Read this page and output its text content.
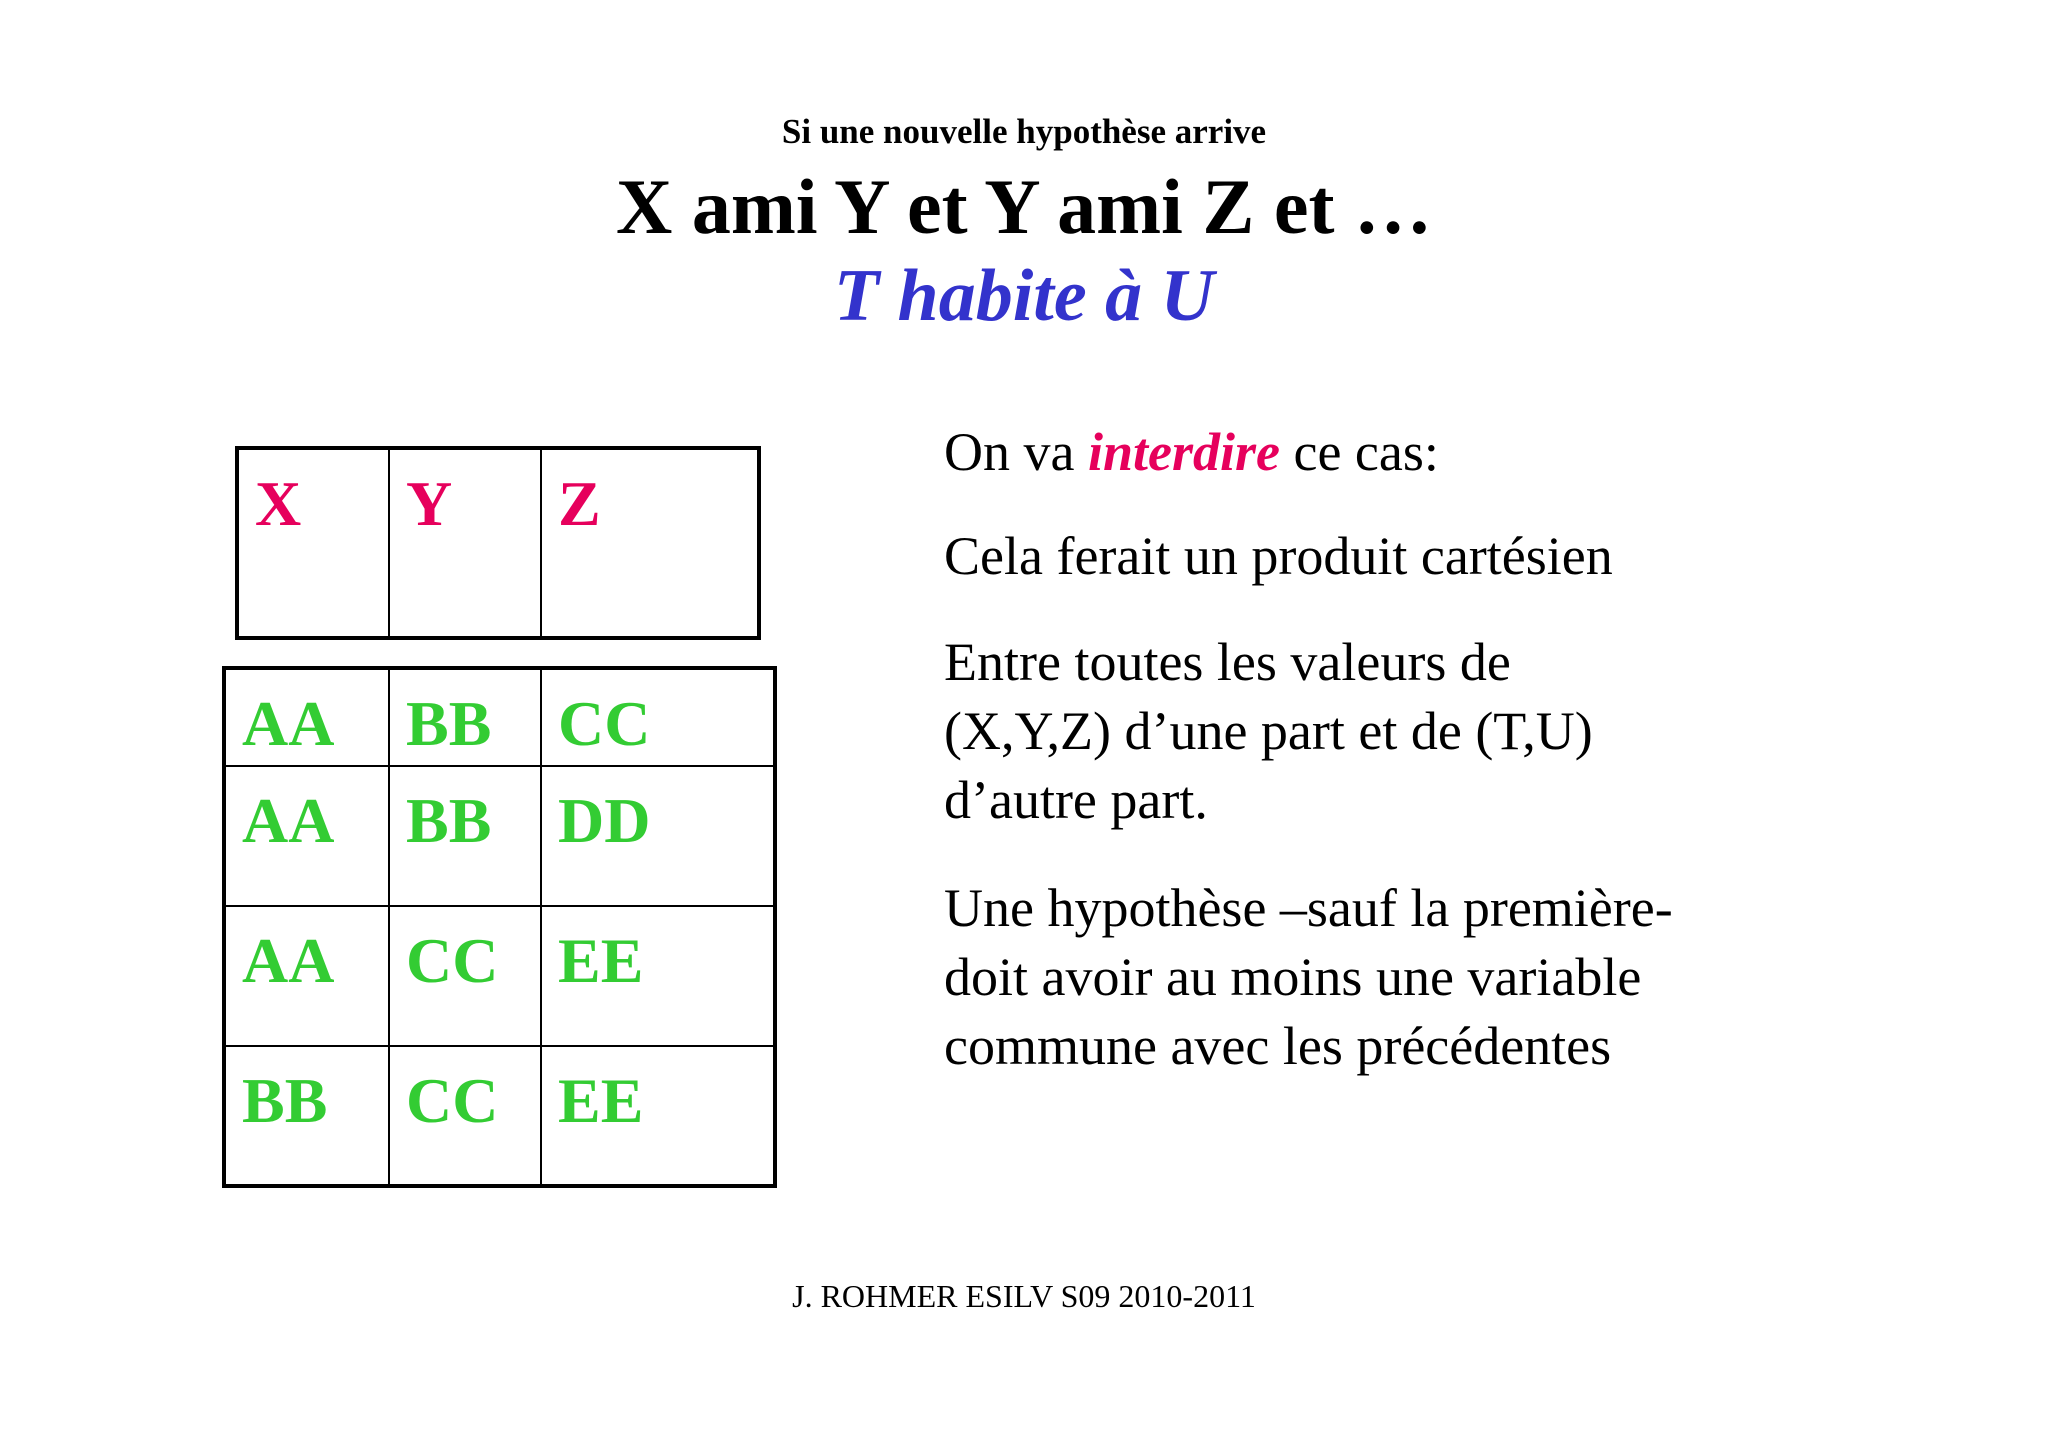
Si une nouvelle hypothèse arrive
X ami Y et Y ami Z et …
T habite à U
X	Y	Z
AA	BB	CC
AA	BB	DD
AA	CC	EE
BB	CC	EE
On va interdire ce cas:
Cela ferait un produit cartésien
Entre toutes les valeurs de
(X,Y,Z) d’une part et de (T,U)
d’autre part.
Une hypothèse –sauf la première-
doit avoir au moins une variable
commune avec les précédentes
J. ROHMER ESILV S09 2010-2011
